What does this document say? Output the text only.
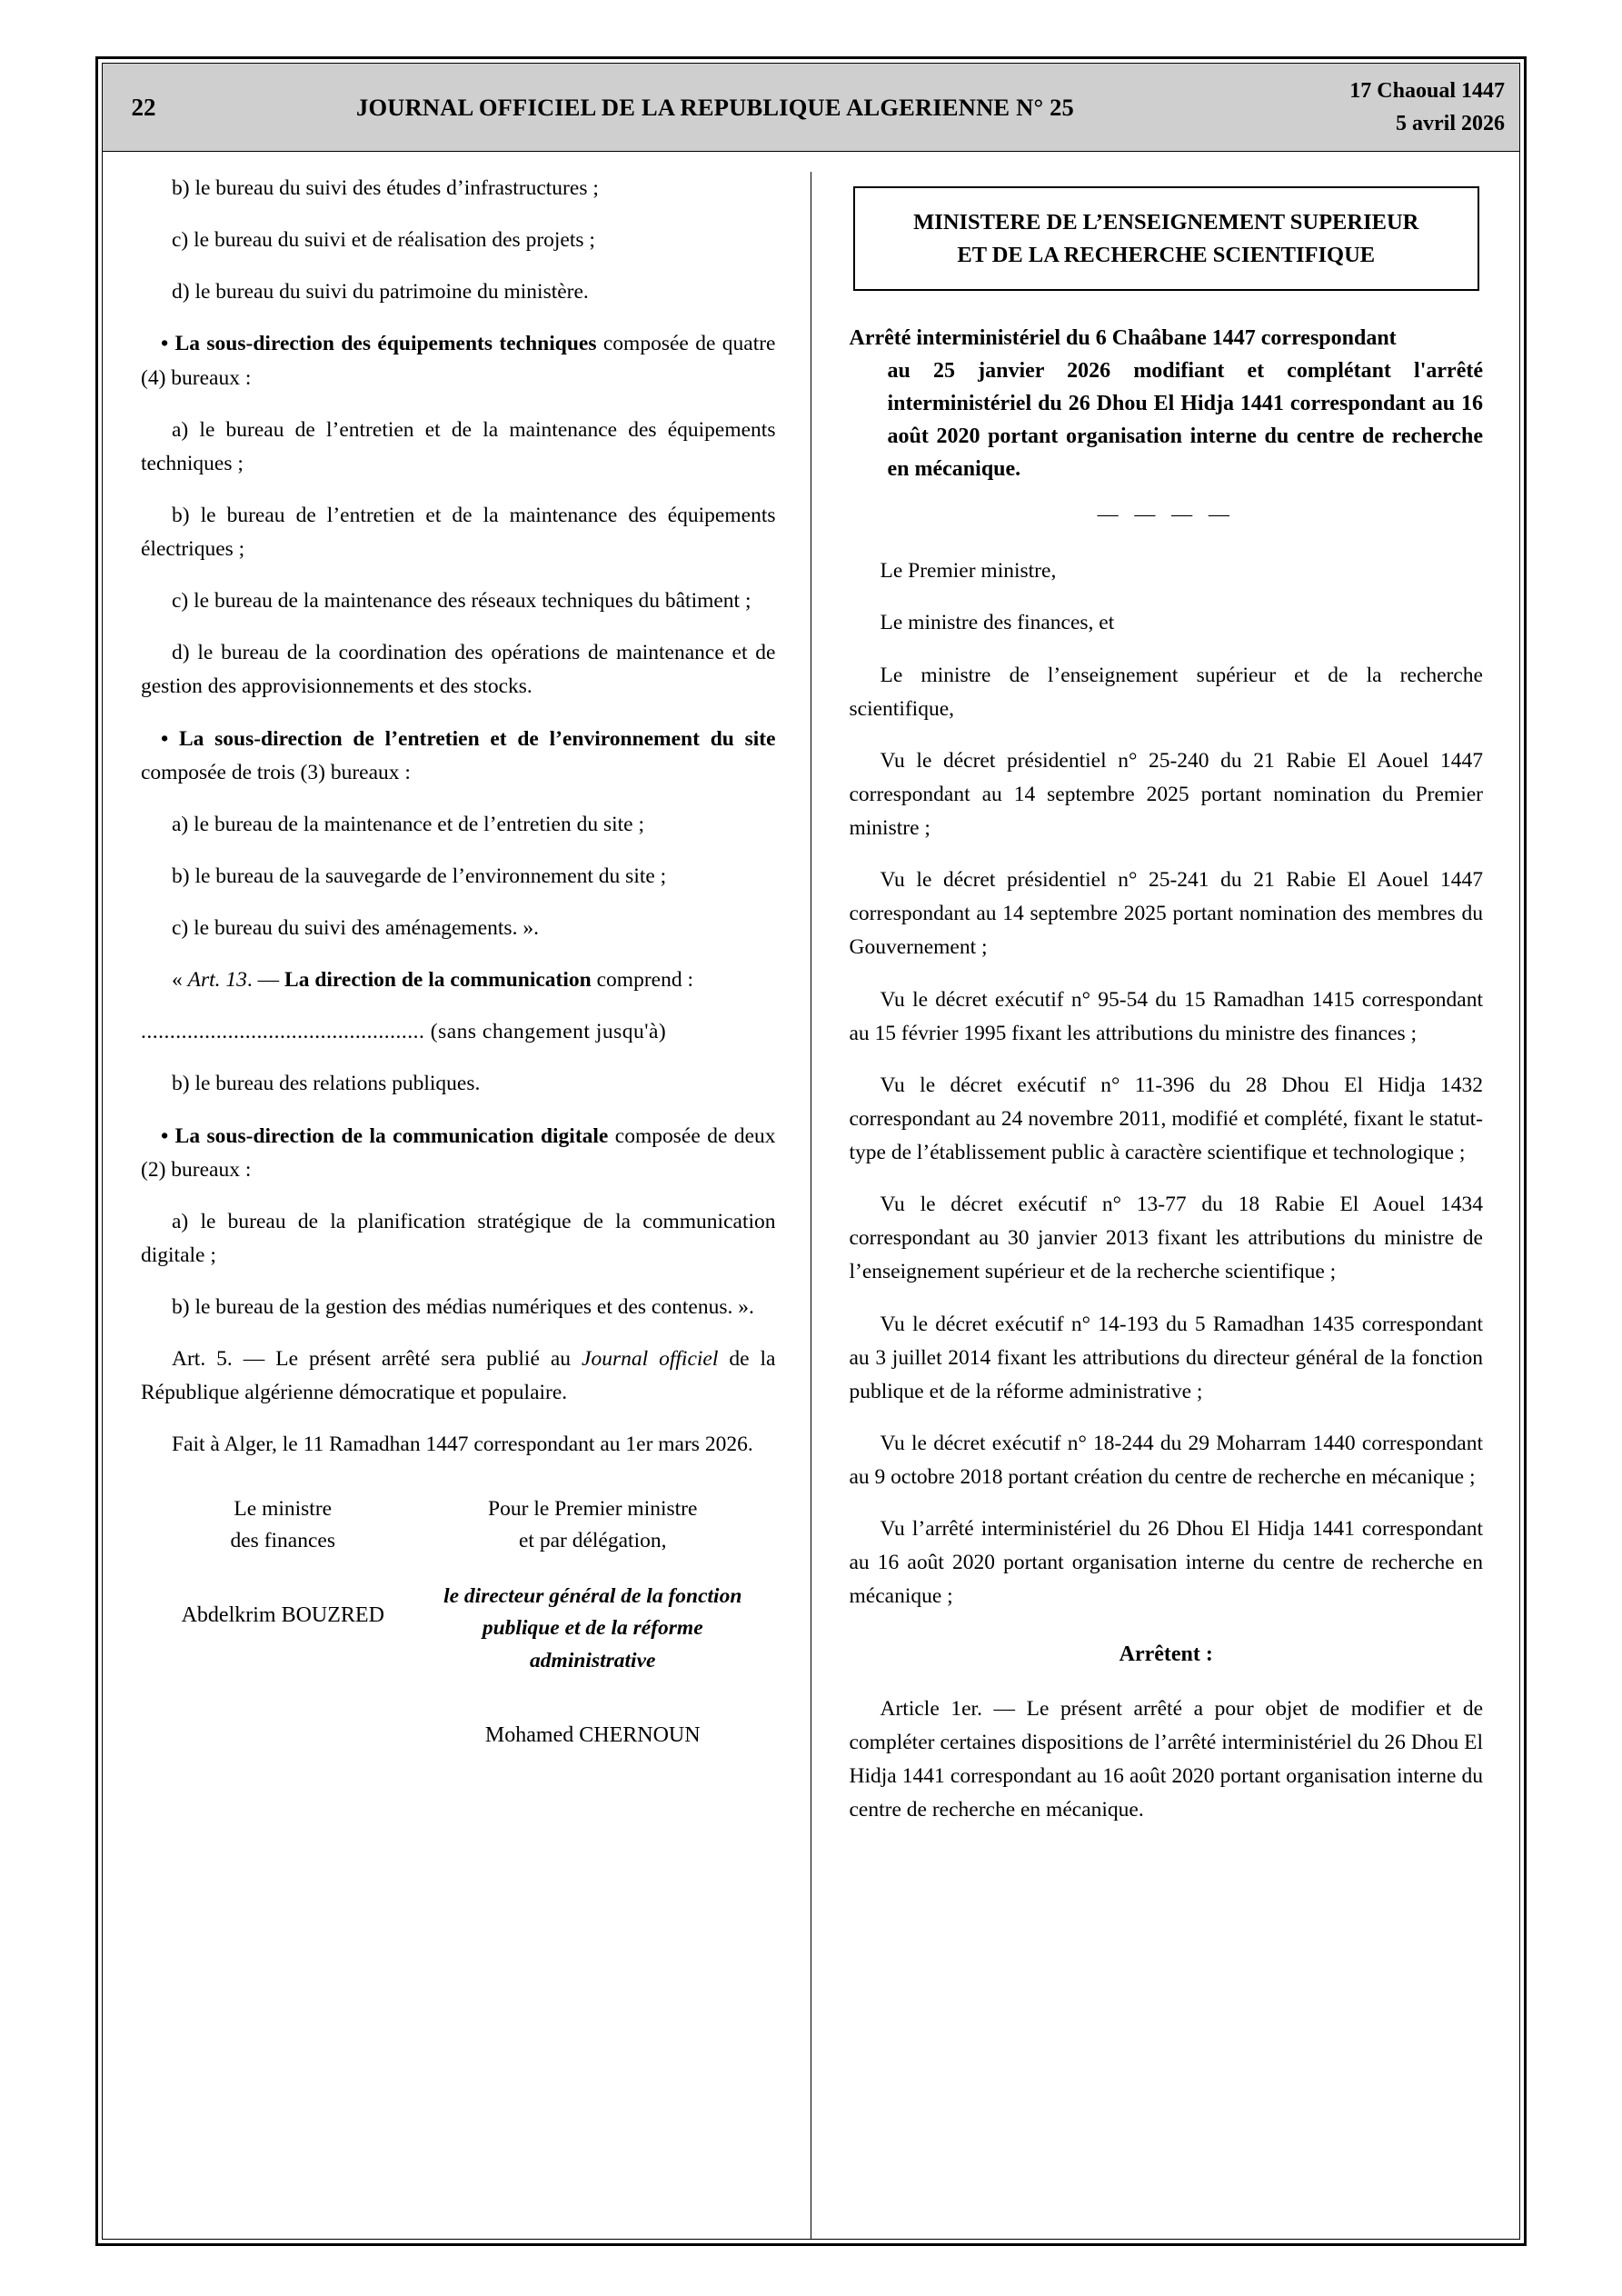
22	JOURNAL OFFICIEL DE LA REPUBLIQUE ALGERIENNE N° 25
17 Chaoual 1447
5 avril 2026

b) le bureau du suivi des études d’infrastructures ;

c) le bureau du suivi et de réalisation des projets ;

d) le bureau du suivi du patrimoine du ministère.

• La sous-direction des équipements techniques composée de quatre (4) bureaux :

a) le bureau de l’entretien et de la maintenance des équipements techniques ;

b) le bureau de l’entretien et de la maintenance des équipements électriques ;

c) le bureau de la maintenance des réseaux techniques du bâtiment ;

d) le bureau de la coordination des opérations de maintenance et de gestion des approvisionnements et des stocks.

• La sous-direction de l’entretien et de l’environnement du site composée de trois (3) bureaux :

a) le bureau de la maintenance et de l’entretien du site ;

b) le bureau de la sauvegarde de l’environnement du site ;

c) le bureau du suivi des aménagements. ».

« Art. 13. — La direction de la communication comprend :

................................................. (sans changement jusqu'à)

b) le bureau des relations publiques.

• La sous-direction de la communication digitale composée de deux (2) bureaux :

a) le bureau de la planification stratégique de la communication digitale ;

b) le bureau de la gestion des médias numériques et des contenus. ».

Art. 5. — Le présent arrêté sera publié au Journal officiel de la République algérienne démocratique et populaire.

Fait à Alger, le 11 Ramadhan 1447 correspondant au 1er mars 2026.

Le ministre
des finances
Abdelkrim BOUZRED
Pour le Premier ministre
et par délégation,
le directeur général de la fonction
publique et de la réforme
administrative
Mohamed CHERNOUN
MINISTERE DE L’ENSEIGNEMENT SUPERIEUR
ET DE LA RECHERCHE SCIENTIFIQUE
Arrêté interministériel du 6 Chaâbane 1447 correspondant
au 25 janvier 2026 modifiant et complétant l'arrêté interministériel du 26 Dhou El Hidja 1441 correspondant au 16 août 2020 portant organisation interne du centre de recherche en mécanique.
— — — —

Le Premier ministre,

Le ministre des finances, et

Le ministre de l’enseignement supérieur et de la recherche scientifique,

Vu le décret présidentiel n° 25-240 du 21 Rabie El Aouel 1447 correspondant au 14 septembre 2025 portant nomination du Premier ministre ;

Vu le décret présidentiel n° 25-241 du 21 Rabie El Aouel 1447 correspondant au 14 septembre 2025 portant nomination des membres du Gouvernement ;

Vu le décret exécutif n° 95-54 du 15 Ramadhan 1415 correspondant au 15 février 1995 fixant les attributions du ministre des finances ;

Vu le décret exécutif n° 11-396 du 28 Dhou El Hidja 1432 correspondant au 24 novembre 2011, modifié et complété, fixant le statut-type de l’établissement public à caractère scientifique et technologique ;

Vu le décret exécutif n° 13-77 du 18 Rabie El Aouel 1434 correspondant au 30 janvier 2013 fixant les attributions du ministre de l’enseignement supérieur et de la recherche scientifique ;

Vu le décret exécutif n° 14-193 du 5 Ramadhan 1435 correspondant au 3 juillet 2014 fixant les attributions du directeur général de la fonction publique et de la réforme administrative ;

Vu le décret exécutif n° 18-244 du 29 Moharram 1440 correspondant au 9 octobre 2018 portant création du centre de recherche en mécanique ;

Vu l’arrêté interministériel du 26 Dhou El Hidja 1441 correspondant au 16 août 2020 portant organisation interne du centre de recherche en mécanique ;

Arrêtent :

Article 1er. — Le présent arrêté a pour objet de modifier et de compléter certaines dispositions de l’arrêté interministériel du 26 Dhou El Hidja 1441 correspondant au 16 août 2020 portant organisation interne du centre de recherche en mécanique.
